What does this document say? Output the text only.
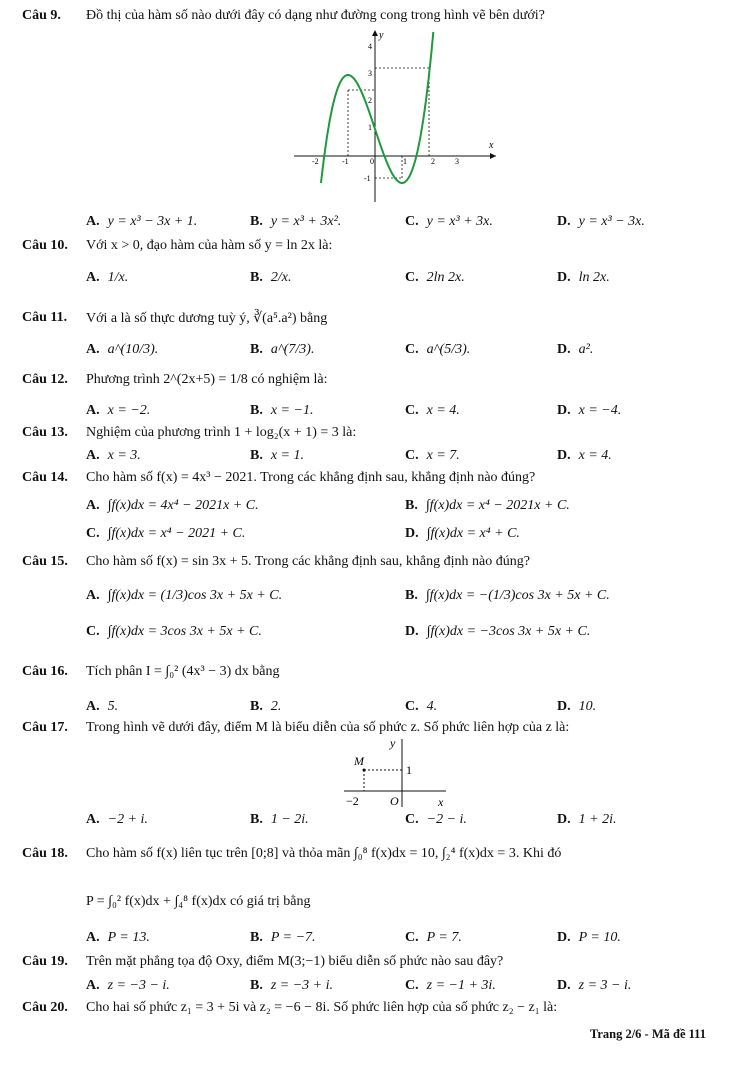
Câu 9. Đồ thị của hàm số nào dưới đây có dạng như đường cong trong hình vẽ bên dưới?
y
x
-2	-1	0	1	2	3
4
3
2
1
-1
A. y = x³ − 3x + 1.	B. y = x³ + 3x².	C. y = x³ + 3x.	D. y = x³ − 3x.
Câu 10. Với x > 0, đạo hàm của hàm số y = ln 2x là:
A. 1/x.	B. 2/x.	C. 2ln 2x.	D. ln 2x.
Câu 11. Với a là số thực dương tuỳ ý, ∛(a⁵.a²) bằng
A. a^(10/3).	B. a^(7/3).	C. a^(5/3).	D. a².
Câu 12. Phương trình 2^(2x+5) = 1/8 có nghiệm là:
A. x = −2.	B. x = −1.	C. x = 4.	D. x = −4.
Câu 13. Nghiệm của phương trình 1 + log₂(x + 1) = 3 là:
A. x = 3.	B. x = 1.	C. x = 7.	D. x = 4.
Câu 14. Cho hàm số f(x) = 4x³ − 2021. Trong các khẳng định sau, khẳng định nào đúng?
A. ∫f(x)dx = 4x⁴ − 2021x + C.	B. ∫f(x)dx = x⁴ − 2021x + C.
C. ∫f(x)dx = x⁴ − 2021 + C.	D. ∫f(x)dx = x⁴ + C.
Câu 15. Cho hàm số f(x) = sin 3x + 5. Trong các khẳng định sau, khẳng định nào đúng?
A. ∫f(x)dx = (1/3)cos 3x + 5x + C.	B. ∫f(x)dx = −(1/3)cos 3x + 5x + C.
C. ∫f(x)dx = 3cos 3x + 5x + C.	D. ∫f(x)dx = −3cos 3x + 5x + C.
Câu 16. Tích phân I = ∫₀² (4x³ − 3) dx bằng
A. 5.	B. 2.	C. 4.	D. 10.
Câu 17. Trong hình vẽ dưới đây, điểm M là biểu diễn của số phức z. Số phức liên hợp của z là:
y
x
M
1
−2	O
A. −2 + i.	B. 1 − 2i.	C. −2 − i.	D. 1 + 2i.
Câu 18. Cho hàm số f(x) liên tục trên [0;8] và thỏa mãn ∫₀⁸ f(x)dx = 10, ∫₂⁴ f(x)dx = 3. Khi đó
P = ∫₀² f(x)dx + ∫₄⁸ f(x)dx có giá trị bằng
A. P = 13.	B. P = −7.	C. P = 7.	D. P = 10.
Câu 19. Trên mặt phẳng tọa độ Oxy, điểm M(3;−1) biểu diễn số phức nào sau đây?
A. z = −3 − i.	B. z = −3 + i.	C. z = −1 + 3i.	D. z = 3 − i.
Câu 20. Cho hai số phức z₁ = 3 + 5i và z₂ = −6 − 8i. Số phức liên hợp của số phức z₂ − z₁ là:
Trang 2/6 - Mã đề 111
